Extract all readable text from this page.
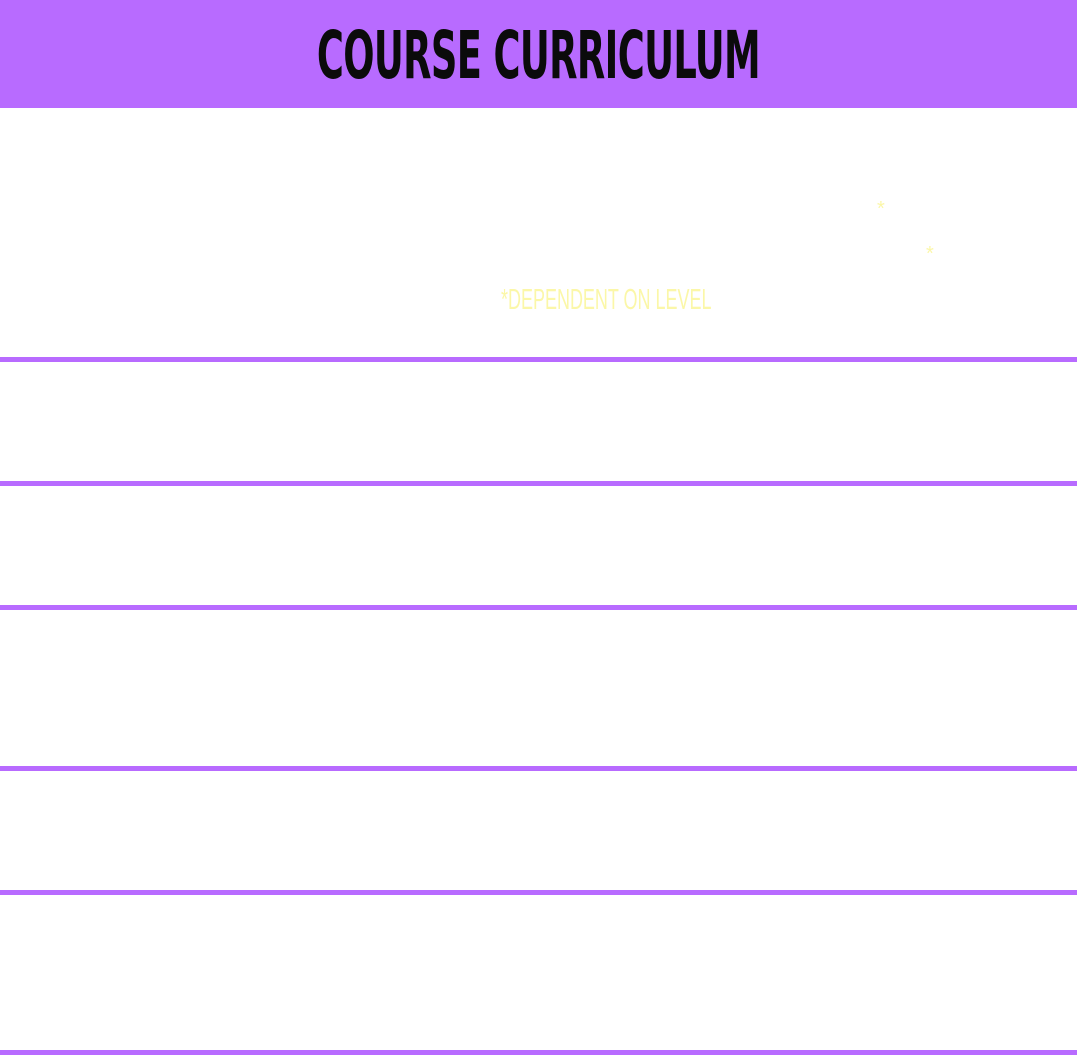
COURSE CURRICULUM
*
*
*DEPENDENT ON LEVEL
